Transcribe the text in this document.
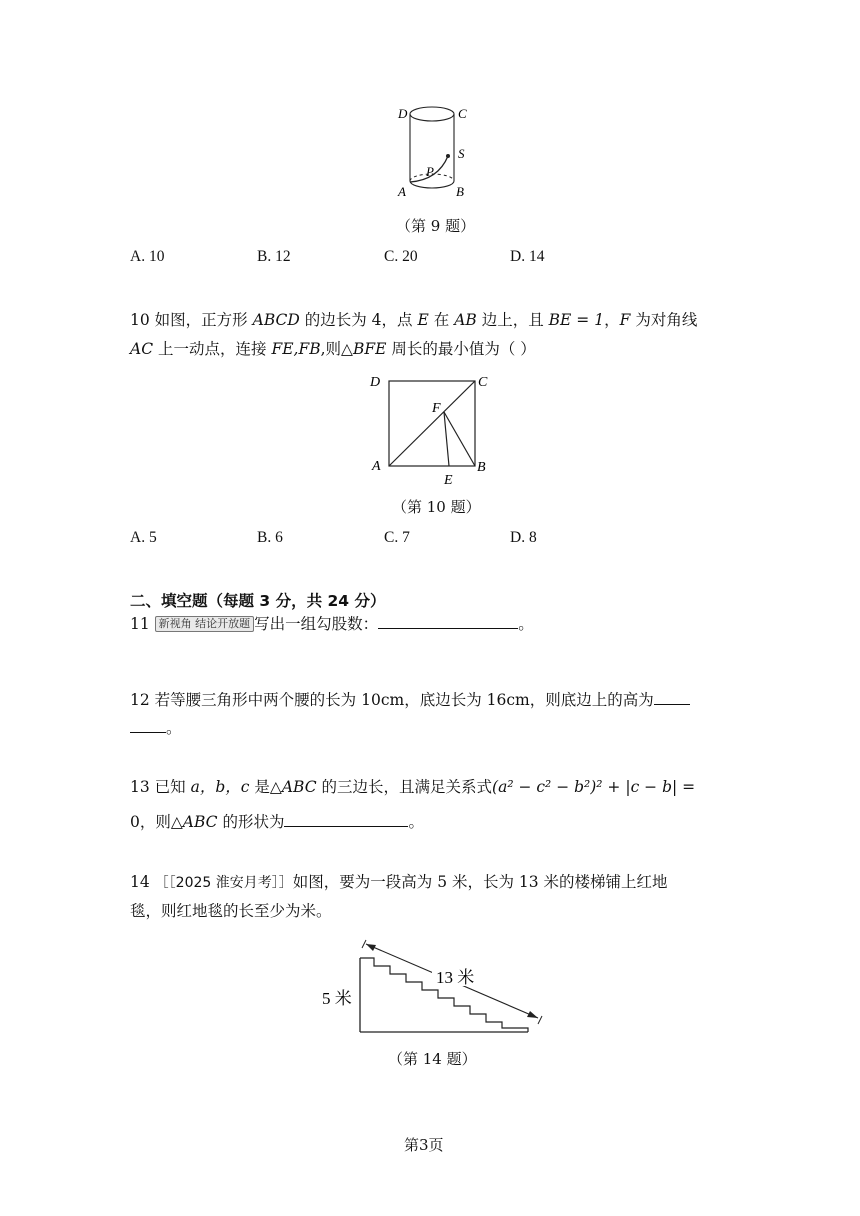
D	C
S
P
A	B
（第 9 题）
A. 10	B. 12	C. 20	D. 14
10 如图，正方形 ABCD 的边长为 4，点 E 在 AB 边上，且 BE = 1，F 为对角线
AC 上一动点，连接 FE,FB,则△BFE 周长的最小值为（ ）
D	C
F
A	B
E
（第 10 题）
A. 5	B. 6	C. 7	D. 8
二、填空题（每题 3 分，共 24 分）
11 新视角 结论开放题 写出一组勾股数：	。
12 若等腰三角形中两个腰的长为 10cm，底边长为 16cm，则底边上的高为
。
13 已知 a，b，c 是△ABC 的三边长，且满足关系式(a² − c² − b²)² + |c − b| =
0，则△ABC 的形状为	。
14 ［［2025 淮安月考］］如图，要为一段高为 5 米，长为 13 米的楼梯铺上红地
毯，则红地毯的长至少为米。
13 米
5 米
（第 14 题）
第3页
